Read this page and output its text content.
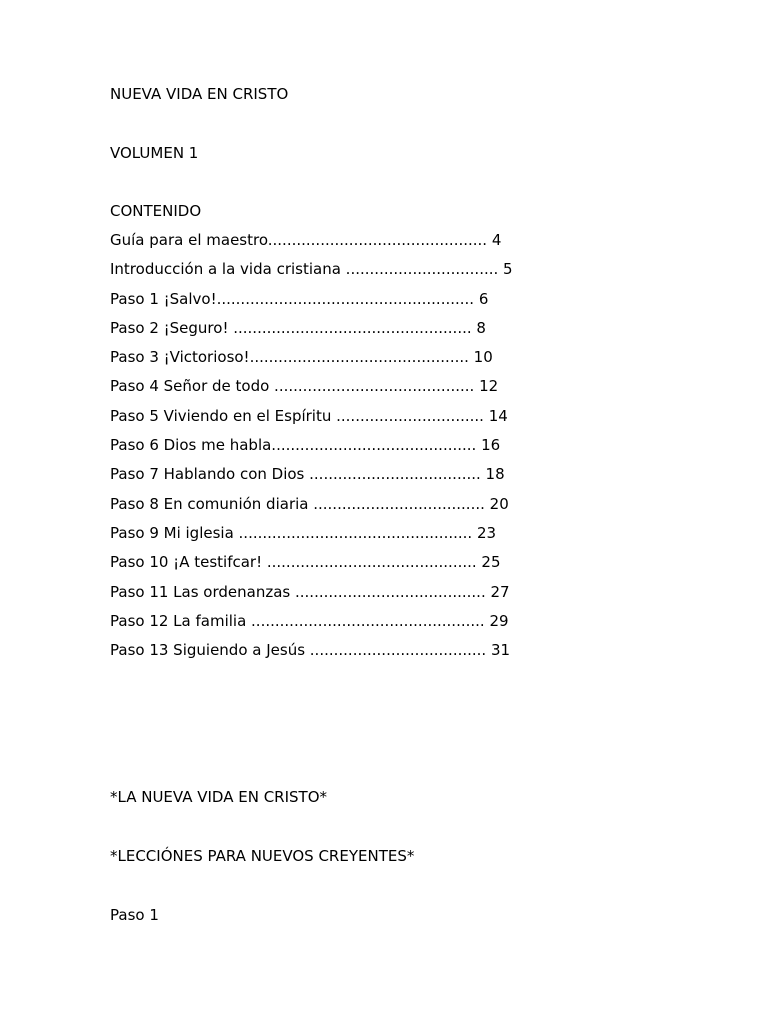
NUEVA VIDA EN CRISTO

VOLUMEN 1

CONTENIDO

Guía para el maestro.............................................. 4
Introducción a la vida cristiana ................................ 5
Paso 1 ¡Salvo!...................................................... 6
Paso 2 ¡Seguro! .................................................. 8
Paso 3 ¡Victorioso!.............................................. 10
Paso 4 Señor de todo .......................................... 12
Paso 5 Viviendo en el Espíritu ............................... 14
Paso 6 Dios me habla........................................... 16
Paso 7 Hablando con Dios .................................... 18
Paso 8 En comunión diaria .................................... 20
Paso 9 Mi iglesia ................................................. 23
Paso 10 ¡A testifcar! ............................................ 25
Paso 11 Las ordenanzas ........................................ 27
Paso 12 La familia ................................................. 29
Paso 13 Siguiendo a Jesús ..................................... 31

*LA NUEVA VIDA EN CRISTO*

*LECCIÓNES PARA NUEVOS CREYENTES*

Paso 1
